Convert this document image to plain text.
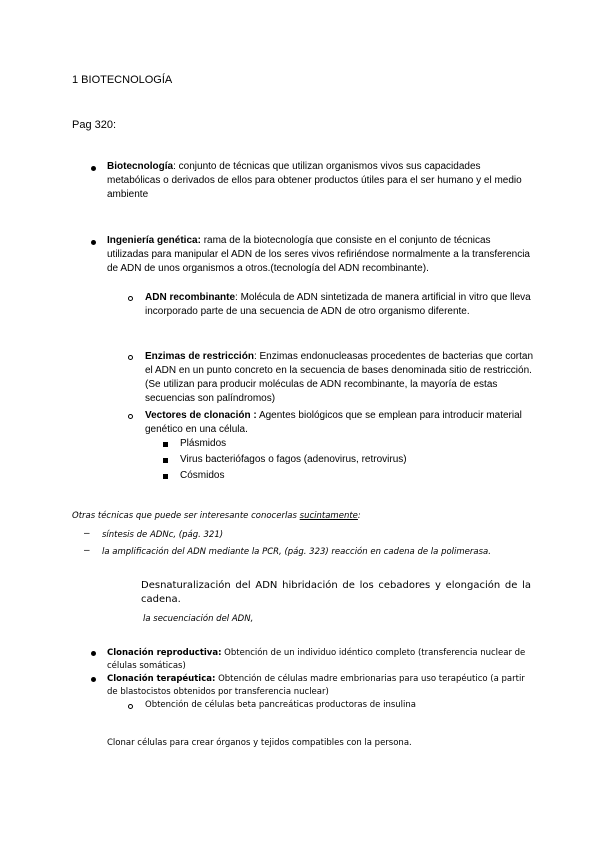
1 BIOTECNOLOGÍA

Pag 320:

Biotecnología: conjunto de técnicas que utilizan organismos vivos sus capacidades metabólicas o derivados de ellos para obtener productos útiles para el ser humano y el medio ambiente

Ingeniería genética: rama de la biotecnología que consiste en el conjunto de técnicas utilizadas para manipular el ADN de los seres vivos refiriéndose normalmente a la transferencia de ADN de unos organismos a otros.(tecnología del ADN recombinante).

ADN recombinante: Molécula de ADN sintetizada de manera artificial in vitro que lleva incorporado parte de una secuencia de ADN de otro organismo diferente.

Enzimas de restricción: Enzimas endonucleasas procedentes de bacterias que cortan el ADN en un punto concreto en la secuencia de bases denominada sitio de restricción. (Se utilizan para producir moléculas de ADN recombinante, la mayoría de estas secuencias son palíndromos)

Vectores de clonación : Agentes biológicos que se emplean para introducir material genético en una célula.

Plásmidos

Virus bacteriófagos o fagos (adenovirus, retrovirus)

Cósmidos

Otras técnicas que puede ser interesante conocerlas sucintamente:

– síntesis de ADNc, (pág. 321)

– la amplificación del ADN mediante la PCR, (pág. 323) reacción en cadena de la polimerasa.

Desnaturalización del ADN hibridación de los cebadores y elongación de la cadena.

la secuenciación del ADN,

Clonación reproductiva: Obtención de un individuo idéntico completo (transferencia nuclear de células somáticas)

Clonación terapéutica: Obtención de células madre embrionarias para uso terapéutico (a partir de blastocistos obtenidos por transferencia nuclear)

Obtención de células beta pancreáticas productoras de insulina

Clonar células para crear órganos y tejidos compatibles con la persona.
